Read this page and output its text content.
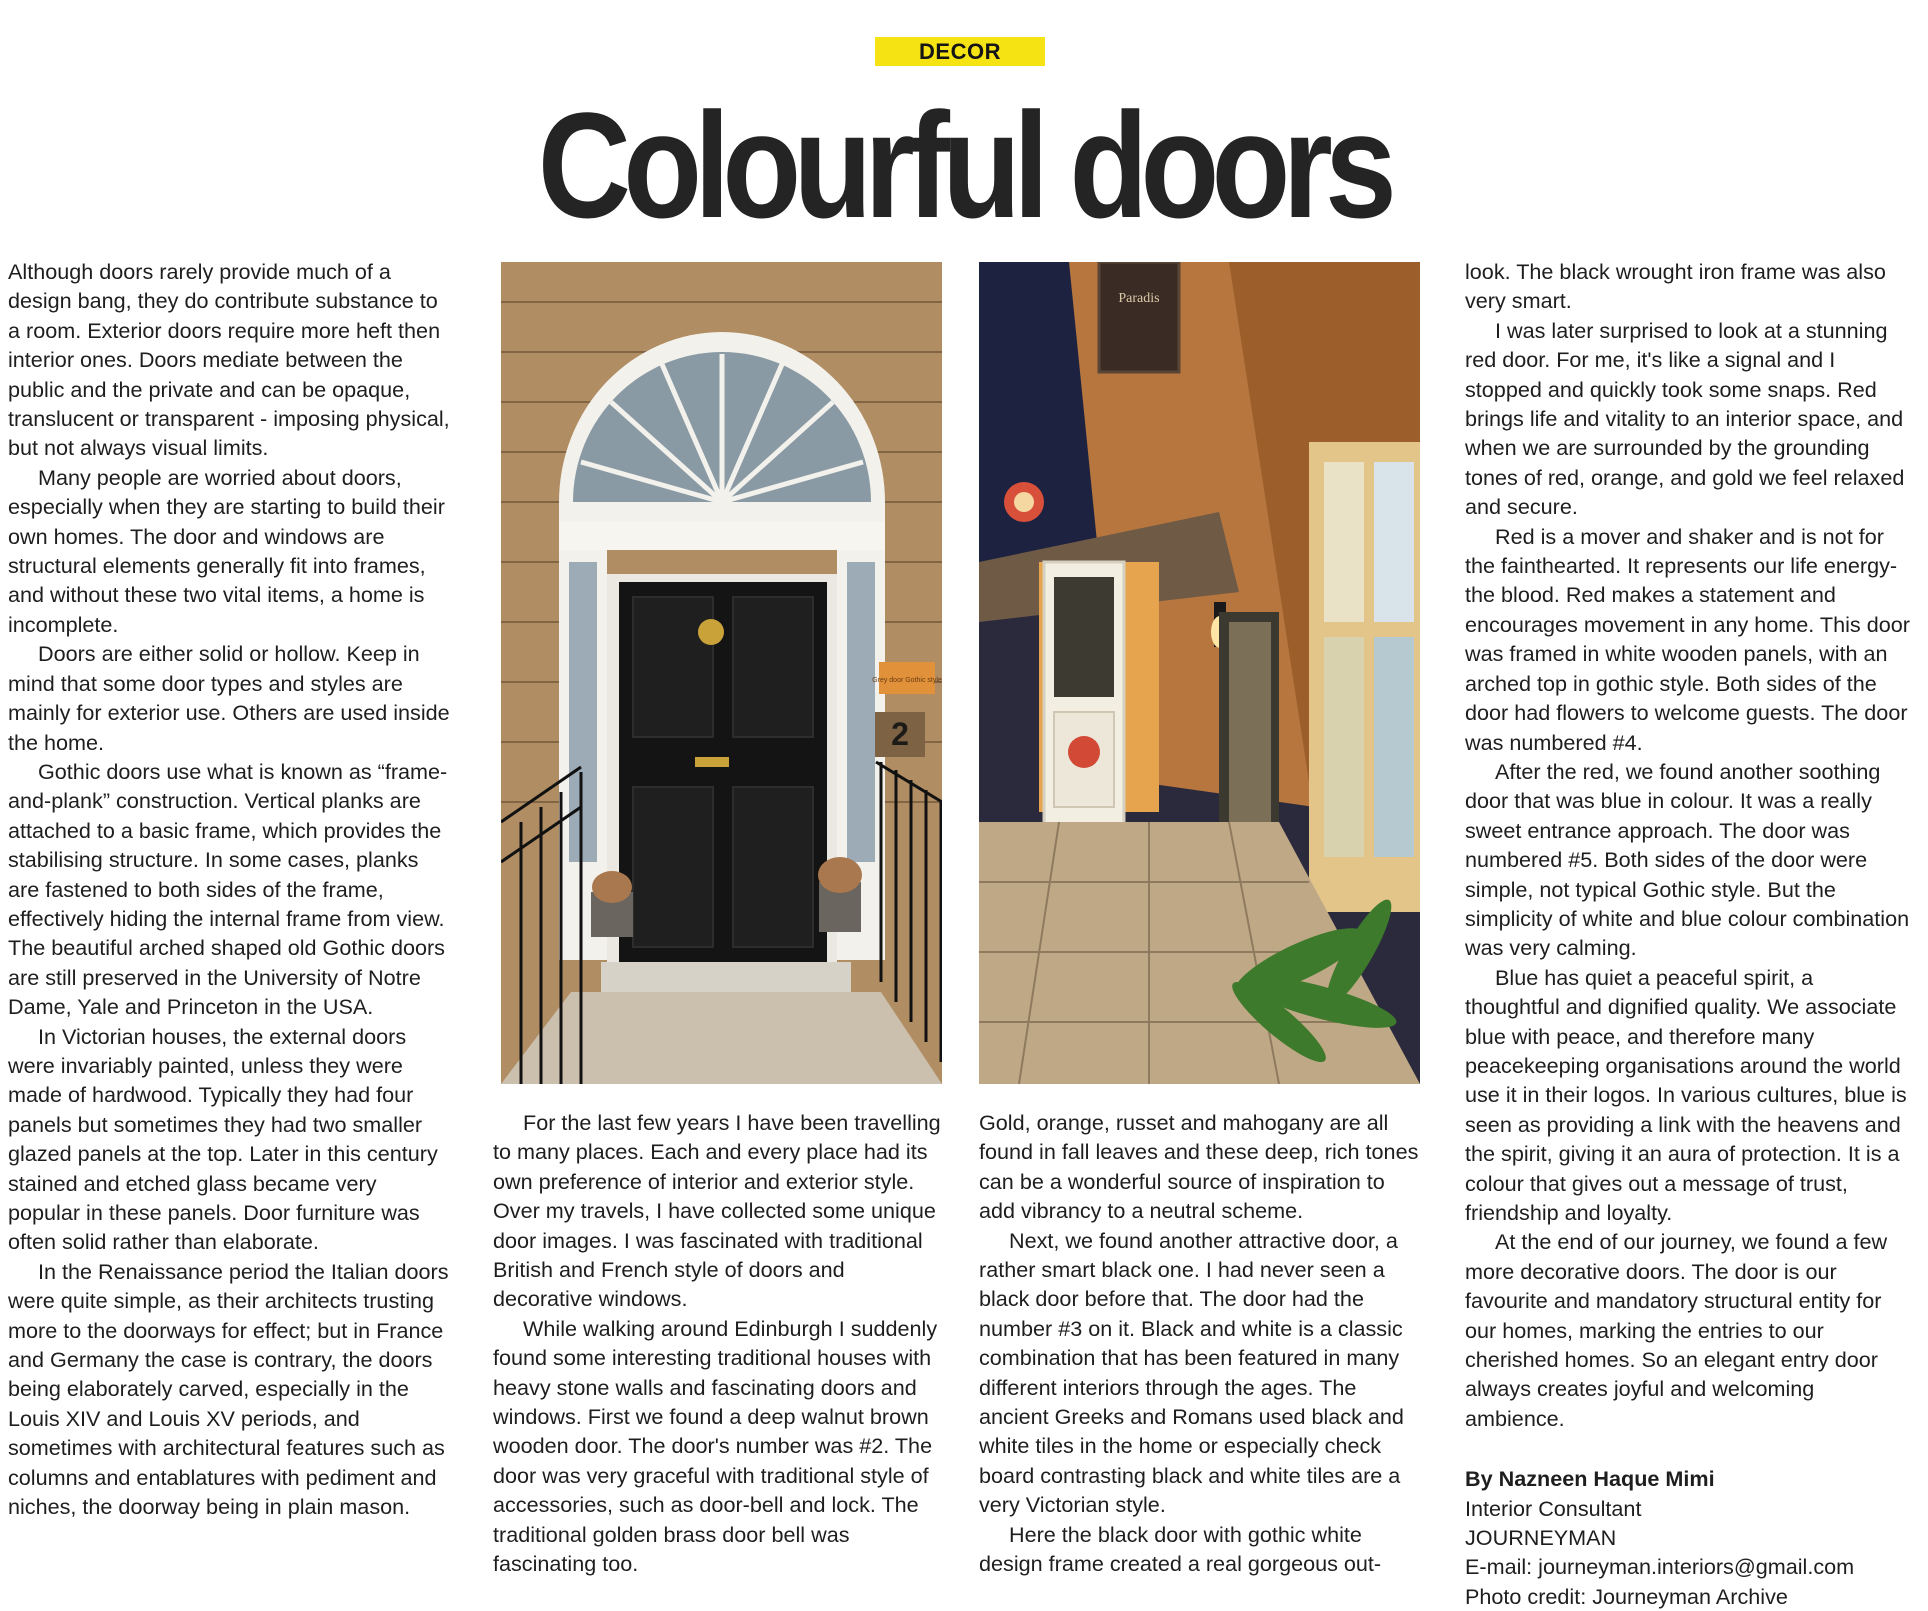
DECOR
Colourful doors

Although doors rarely provide much of a design bang, they do contribute substance to a room. Exterior doors require more heft then interior ones. Doors mediate between the public and the private and can be opaque, translucent or transparent - imposing physical, but not always visual limits.

Many people are worried about doors, especially when they are starting to build their own homes. The door and windows are structural elements generally fit into frames, and without these two vital items, a home is incomplete.

Doors are either solid or hollow. Keep in mind that some door types and styles are mainly for exterior use. Others are used inside the home.

Gothic doors use what is known as “frame-and-plank” construction. Vertical planks are attached to a basic frame, which provides the stabilising structure. In some cases, planks are fastened to both sides of the frame, effectively hiding the internal frame from view. The beautiful arched shaped old Gothic doors are still preserved in the University of Notre Dame, Yale and Princeton in the USA.

In Victorian houses, the external doors were invariably painted, unless they were made of hardwood. Typically they had four panels but sometimes they had two smaller glazed panels at the top. Later in this century stained and etched glass became very popular in these panels. Door furniture was often solid rather than elaborate.

In the Renaissance period the Italian doors were quite simple, as their architects trusting more to the doorways for effect; but in France and Germany the case is contrary, the doors being elaborately carved, especially in the Louis XIV and Louis XV periods, and sometimes with architectural features such as columns and entablatures with pediment and niches, the doorway being in plain mason.

Grey door Gothic style
2
Paradis

For the last few years I have been travelling to many places. Each and every place had its own preference of interior and exterior style. Over my travels, I have collected some unique door images. I was fascinated with traditional British and French style of doors and decorative windows.

While walking around Edinburgh I suddenly found some interesting traditional houses with heavy stone walls and fascinating doors and windows. First we found a deep walnut brown wooden door. The door's number was #2. The door was very graceful with traditional style of accessories, such as door-bell and lock. The traditional golden brass door bell was fascinating too.

Gold, orange, russet and mahogany are all found in fall leaves and these deep, rich tones can be a wonderful source of inspiration to add vibrancy to a neutral scheme.

Next, we found another attractive door, a rather smart black one. I had never seen a black door before that. The door had the number #3 on it. Black and white is a classic combination that has been featured in many different interiors through the ages. The ancient Greeks and Romans used black and white tiles in the home or especially check board contrasting black and white tiles are a very Victorian style.

Here the black door with gothic white design frame created a real gorgeous out-

look. The black wrought iron frame was also very smart.

I was later surprised to look at a stunning red door. For me, it's like a signal and I stopped and quickly took some snaps. Red brings life and vitality to an interior space, and when we are surrounded by the grounding tones of red, orange, and gold we feel relaxed and secure.

Red is a mover and shaker and is not for the fainthearted. It represents our life energy-the blood. Red makes a statement and encourages movement in any home. This door was framed in white wooden panels, with an arched top in gothic style. Both sides of the door had flowers to welcome guests. The door was numbered #4.

After the red, we found another soothing door that was blue in colour. It was a really sweet entrance approach. The door was numbered #5. Both sides of the door were simple, not typical Gothic style. But the simplicity of white and blue colour combination was very calming.

Blue has quiet a peaceful spirit, a thoughtful and dignified quality. We associate blue with peace, and therefore many peacekeeping organisations around the world use it in their logos. In various cultures, blue is seen as providing a link with the heavens and the spirit, giving it an aura of protection. It is a colour that gives out a message of trust, friendship and loyalty.

At the end of our journey, we found a few more decorative doors. The door is our favourite and mandatory structural entity for our homes, marking the entries to our cherished homes. So an elegant entry door always creates joyful and welcoming ambience.

By Nazneen Haque Mimi
Interior Consultant
JOURNEYMAN
E-mail: journeyman.interiors@gmail.com
Photo credit: Journeyman Archive
